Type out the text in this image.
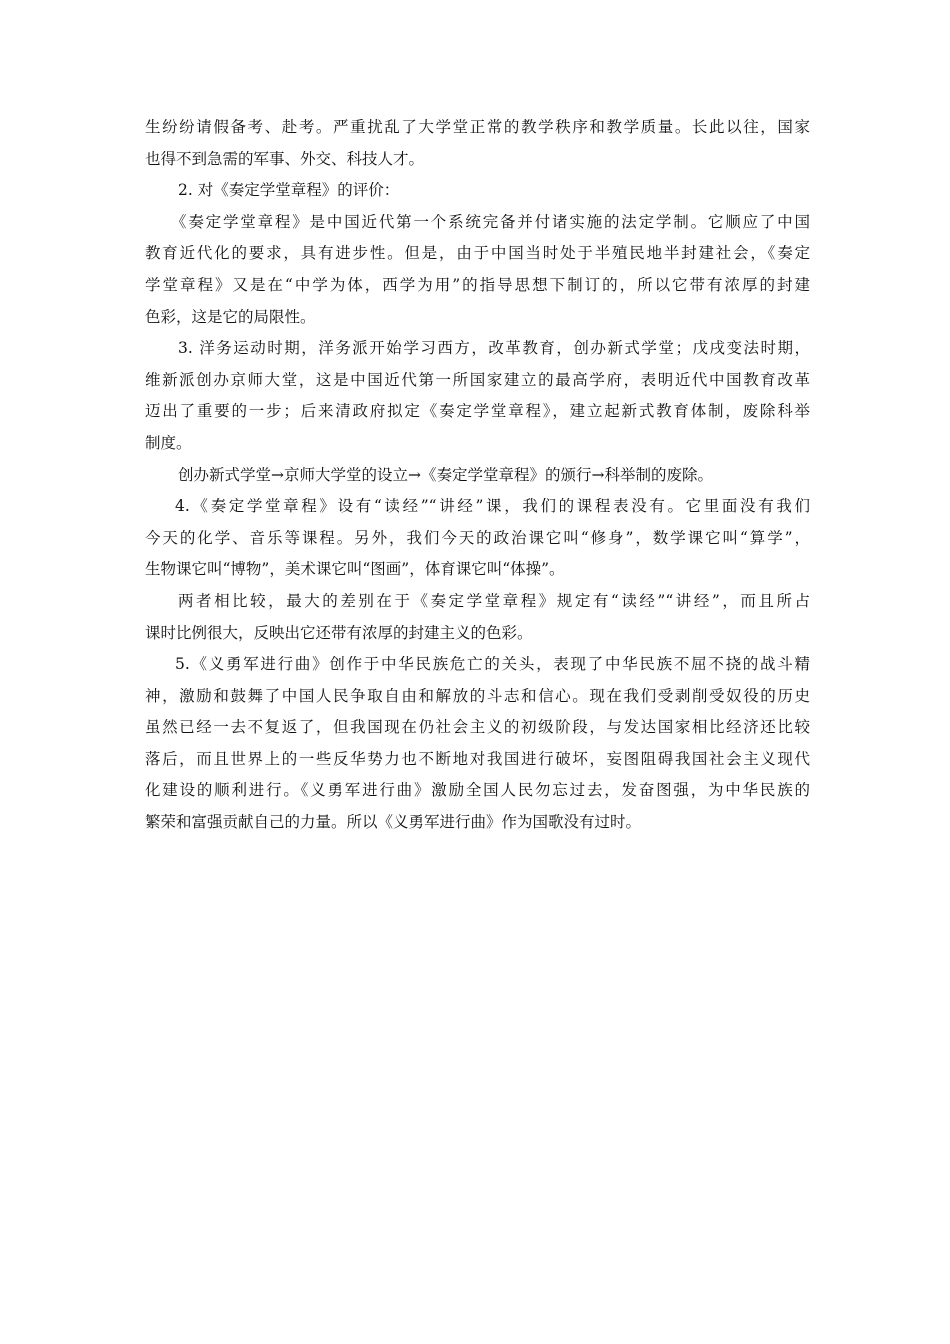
生纷纷请假备考、赴考。严重扰乱了大学堂正常的教学秩序和教学质量。长此以往，国家
也得不到急需的军事、外交、科技人才。
2. 对《奏定学堂章程》的评价：
《奏定学堂章程》是中国近代第一个系统完备并付诸实施的法定学制。它顺应了中国
教育近代化的要求，具有进步性。但是，由于中国当时处于半殖民地半封建社会，《奏定
学堂章程》又是在“中学为体，西学为用”的指导思想下制订的，所以它带有浓厚的封建
色彩，这是它的局限性。
3. 洋务运动时期，洋务派开始学习西方，改革教育，创办新式学堂；戊戌变法时期，
维新派创办京师大堂，这是中国近代第一所国家建立的最高学府，表明近代中国教育改革
迈出了重要的一步；后来清政府拟定《奏定学堂章程》，建立起新式教育体制，废除科举
制度。
创办新式学堂→京师大学堂的设立→《奏定学堂章程》的颁行→科举制的废除。
4.《奏定学堂章程》设有“读经”“讲经”课，我们的课程表没有。它里面没有我们
今天的化学、音乐等课程。另外，我们今天的政治课它叫“修身”，数学课它叫“算学”，
生物课它叫“博物”，美术课它叫“图画”，体育课它叫“体操”。
两者相比较，最大的差别在于《奏定学堂章程》规定有“读经”“讲经”，而且所占
课时比例很大，反映出它还带有浓厚的封建主义的色彩。
5.《义勇军进行曲》创作于中华民族危亡的关头，表现了中华民族不屈不挠的战斗精
神，激励和鼓舞了中国人民争取自由和解放的斗志和信心。现在我们受剥削受奴役的历史
虽然已经一去不复返了，但我国现在仍社会主义的初级阶段，与发达国家相比经济还比较
落后，而且世界上的一些反华势力也不断地对我国进行破坏，妄图阻碍我国社会主义现代
化建设的顺利进行。《义勇军进行曲》激励全国人民勿忘过去，发奋图强，为中华民族的
繁荣和富强贡献自己的力量。所以《义勇军进行曲》作为国歌没有过时。
